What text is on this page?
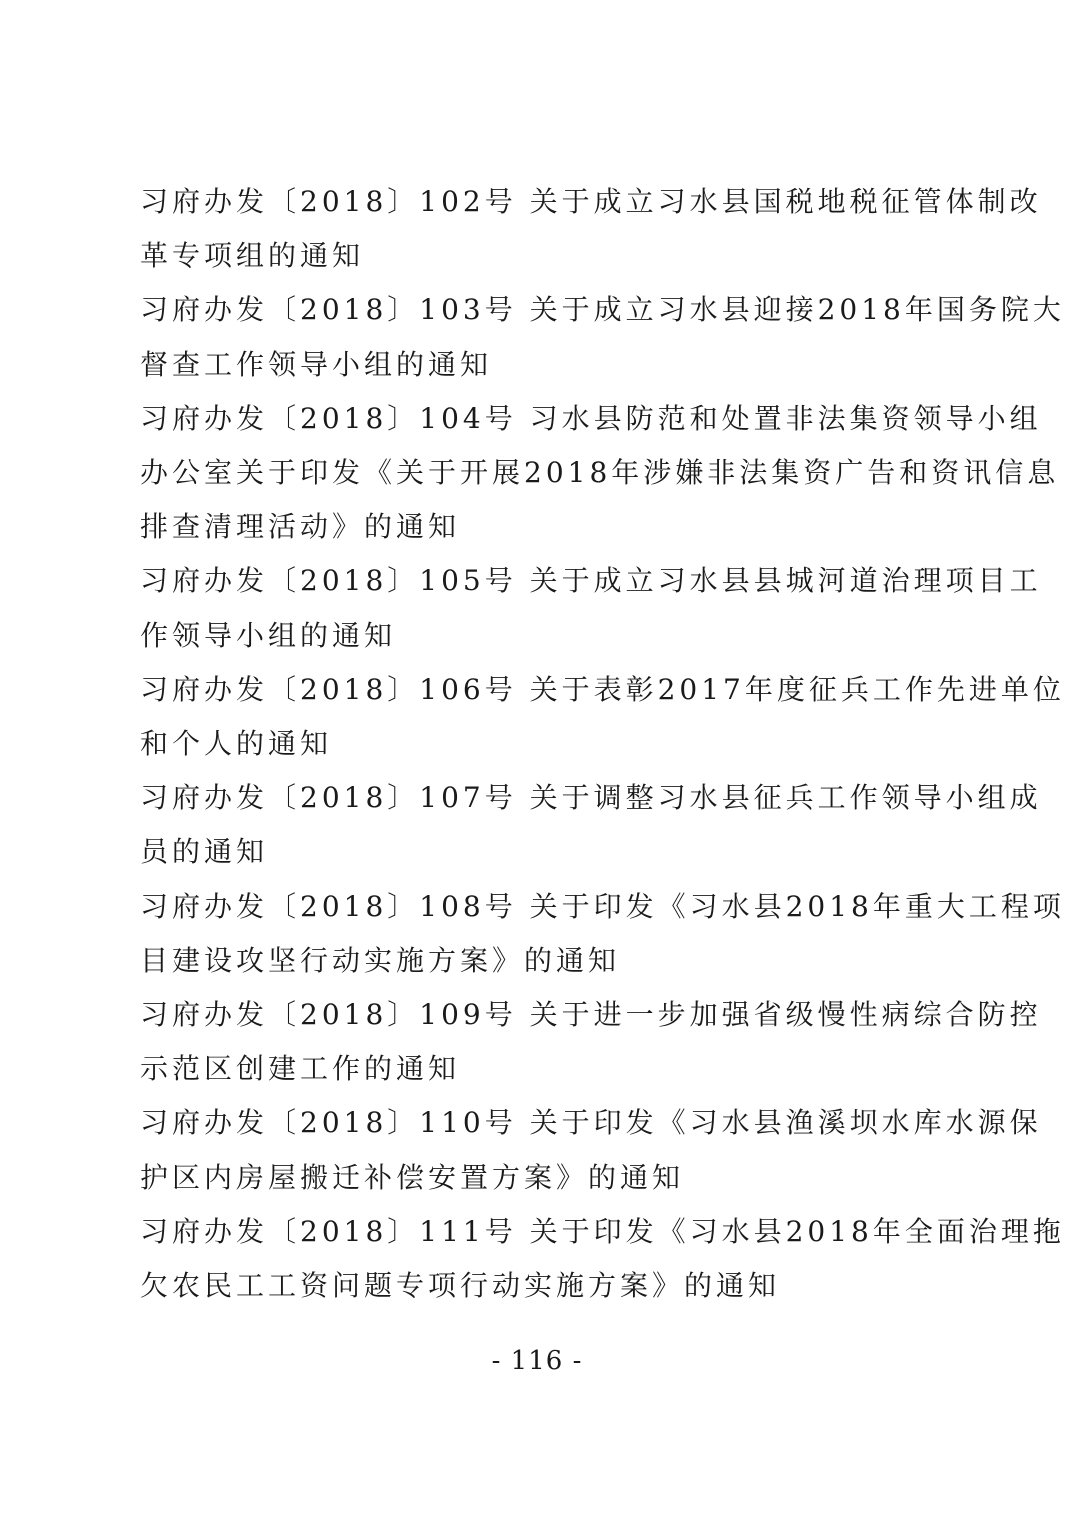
习府办发〔2018〕102号 关于成立习水县国税地税征管体制改

革专项组的通知

习府办发〔2018〕103号 关于成立习水县迎接2018年国务院大

督查工作领导小组的通知

习府办发〔2018〕104号 习水县防范和处置非法集资领导小组

办公室关于印发《关于开展2018年涉嫌非法集资广告和资讯信息

排查清理活动》的通知

习府办发〔2018〕105号 关于成立习水县县城河道治理项目工

作领导小组的通知

习府办发〔2018〕106号 关于表彰2017年度征兵工作先进单位

和个人的通知

习府办发〔2018〕107号 关于调整习水县征兵工作领导小组成

员的通知

习府办发〔2018〕108号 关于印发《习水县2018年重大工程项

目建设攻坚行动实施方案》的通知

习府办发〔2018〕109号 关于进一步加强省级慢性病综合防控

示范区创建工作的通知

习府办发〔2018〕110号 关于印发《习水县渔溪坝水库水源保

护区内房屋搬迁补偿安置方案》的通知

习府办发〔2018〕111号 关于印发《习水县2018年全面治理拖

欠农民工工资问题专项行动实施方案》的通知

- 116 -
